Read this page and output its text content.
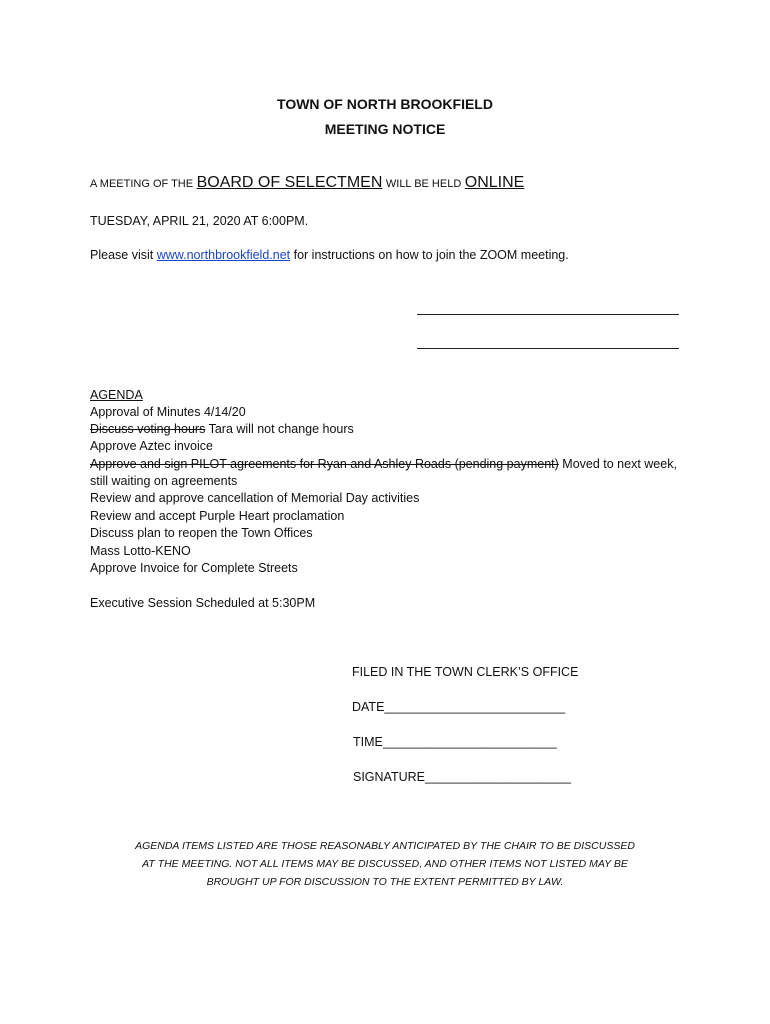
TOWN OF NORTH BROOKFIELD
MEETING NOTICE
A MEETING OF THE BOARD OF SELECTMEN WILL BE HELD ONLINE
TUESDAY, APRIL 21, 2020 AT 6:00PM.
Please visit www.northbrookfield.net for instructions on how to join the ZOOM meeting.
AGENDA
Approval of Minutes 4/14/20
Discuss voting hours Tara will not change hours
Approve Aztec invoice
Approve and sign PILOT agreements for Ryan and Ashley Roads (pending payment) Moved to next week,
still waiting on agreements
Review and approve cancellation of Memorial Day activities
Review and accept Purple Heart proclamation
Discuss plan to reopen the Town Offices
Mass Lotto-KENO
Approve Invoice for Complete Streets
Executive Session Scheduled at 5:30PM
FILED IN THE TOWN CLERK’S OFFICE
DATE__________________________
TIME_________________________
SIGNATURE_____________________
AGENDA ITEMS LISTED ARE THOSE REASONABLY ANTICIPATED BY THE CHAIR TO BE DISCUSSED
AT THE MEETING. NOT ALL ITEMS MAY BE DISCUSSED, AND OTHER ITEMS NOT LISTED MAY BE
BROUGHT UP FOR DISCUSSION TO THE EXTENT PERMITTED BY LAW.
